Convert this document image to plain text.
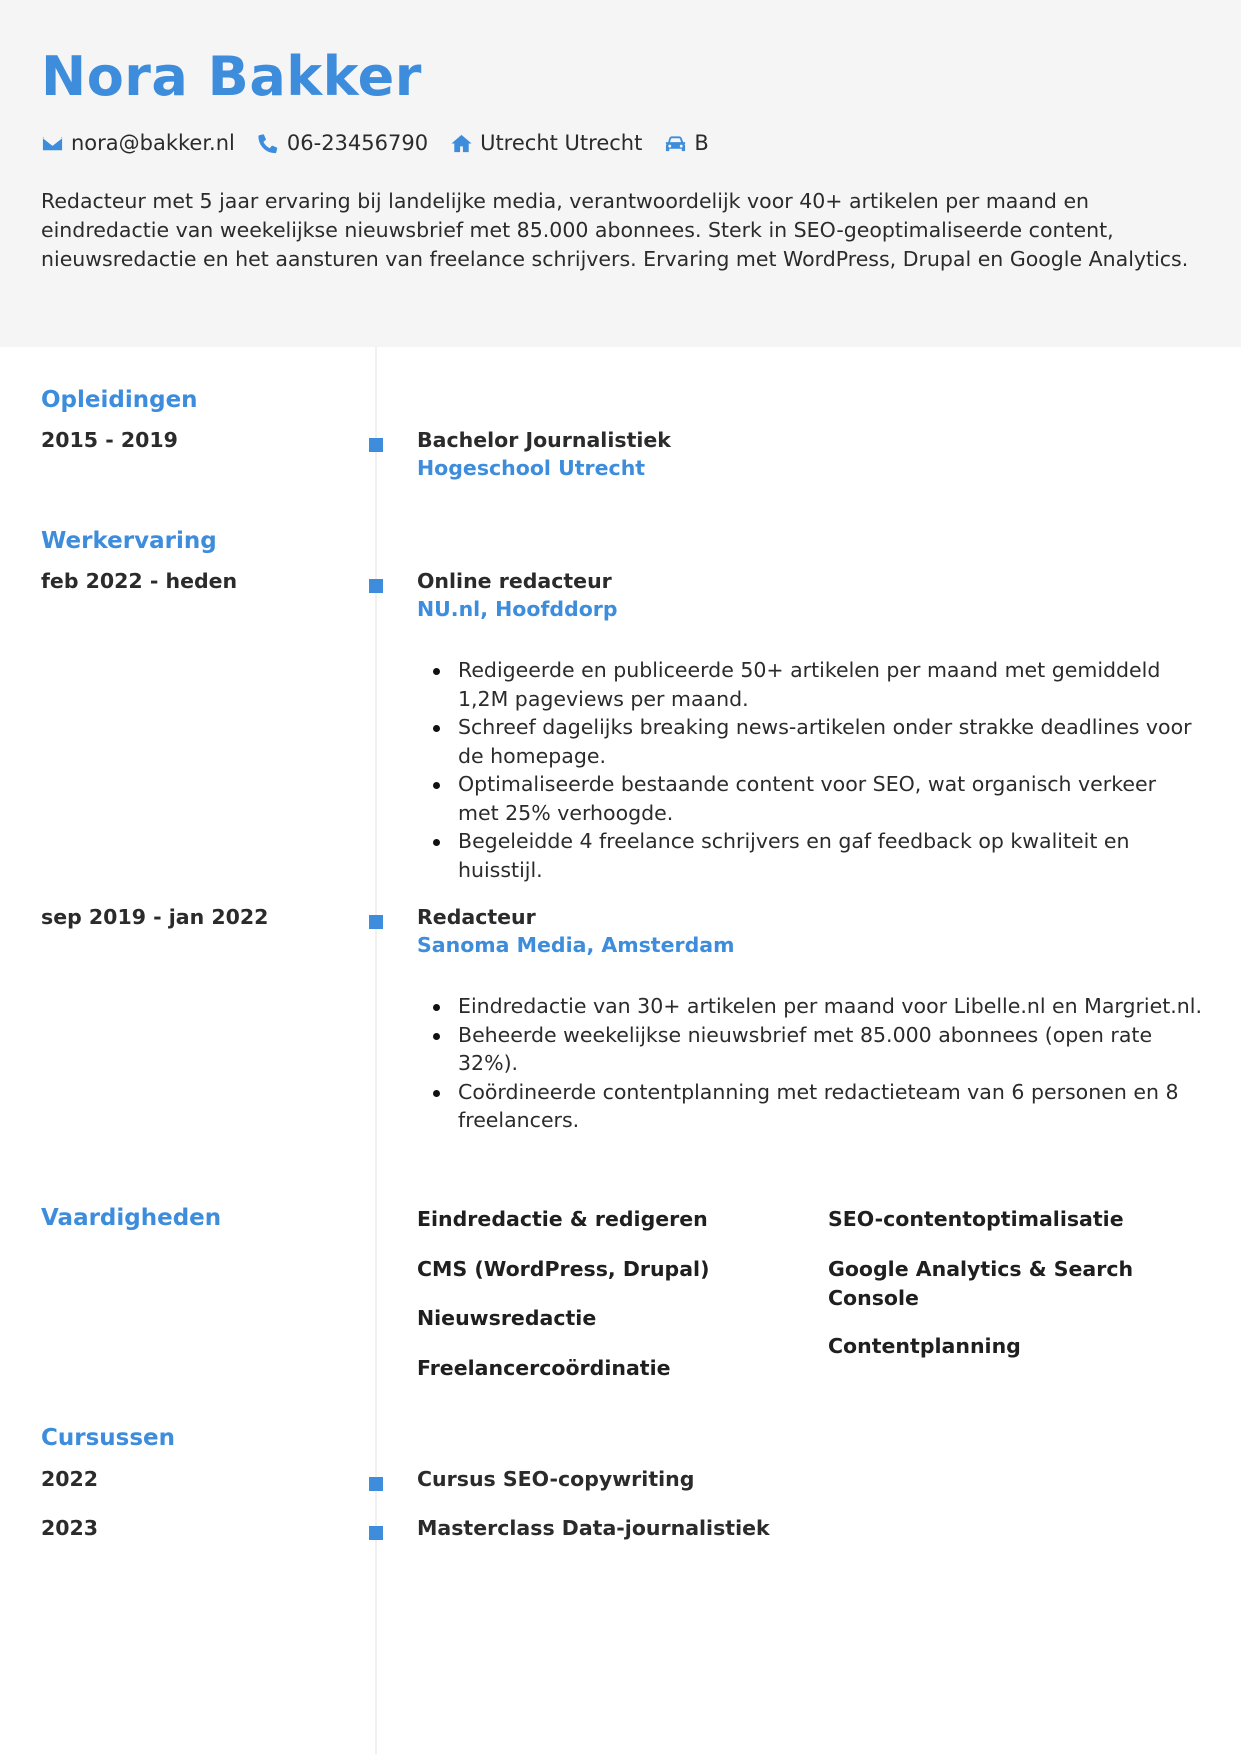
Nora Bakker
nora@bakker.nl 06-23456790 Utrecht Utrecht B
Redacteur met 5 jaar ervaring bij landelijke media, verantwoordelijk voor 40+ artikelen per maand en eindredactie van weekelijkse nieuwsbrief met 85.000 abonnees. Sterk in SEO-geoptimaliseerde content, nieuwsredactie en het aansturen van freelance schrijvers. Ervaring met WordPress, Drupal en Google Analytics.
Opleidingen
2015 - 2019	Bachelor Journalistiek
Hogeschool Utrecht
Werkervaring
feb 2022 - heden	Online redacteur
NU.nl, Hoofddorp
Redigeerde en publiceerde 50+ artikelen per maand met gemiddeld 1,2M pageviews per maand.
Schreef dagelijks breaking news-artikelen onder strakke deadlines voor de homepage.
Optimaliseerde bestaande content voor SEO, wat organisch verkeer met 25% verhoogde.
Begeleidde 4 freelance schrijvers en gaf feedback op kwaliteit en huisstijl.
sep 2019 - jan 2022	Redacteur
Sanoma Media, Amsterdam
Eindredactie van 30+ artikelen per maand voor Libelle.nl en Margriet.nl.
Beheerde weekelijkse nieuwsbrief met 85.000 abonnees (open rate 32%).
Coördineerde contentplanning met redactieteam van 6 personen en 8 freelancers.
Vaardigheden	Eindredactie & redigeren
CMS (WordPress, Drupal)
Nieuwsredactie
Freelancercoördinatie
SEO-contentoptimalisatie
Google Analytics & Search Console
Contentplanning
Cursussen
2022	Cursus SEO-copywriting
2023	Masterclass Data-journalistiek
